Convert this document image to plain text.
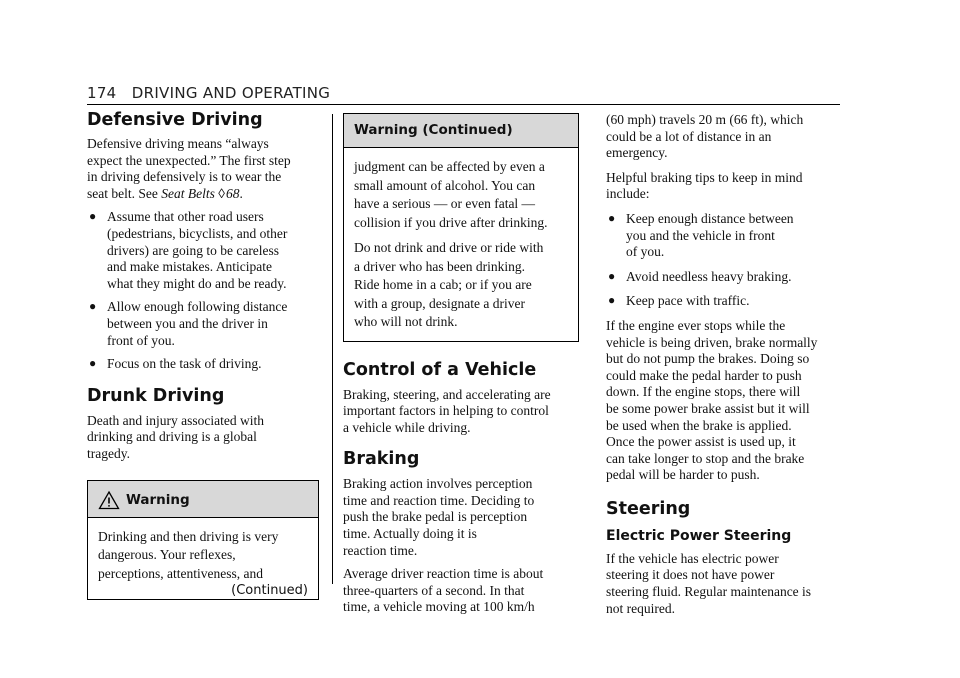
174 DRIVING AND OPERATING
Defensive Driving

Defensive driving means “always
expect the unexpected.” The first step
in driving defensively is to wear the
seat belt. See Seat Belts ◊ 68.

● Assume that other road users
(pedestrians, bicyclists, and other
drivers) are going to be careless
and make mistakes. Anticipate
what they might do and be ready.
● Allow enough following distance
between you and the driver in
front of you.
● Focus on the task of driving.
Drunk Driving

Death and injury associated with
drinking and driving is a global
tragedy.

Warning

Drinking and then driving is very
dangerous. Your reflexes,
perceptions, attentiveness, and

(Continued)
Warning (Continued)

judgment can be affected by even a
small amount of alcohol. You can
have a serious — or even fatal —
collision if you drive after drinking.

Do not drink and drive or ride with
a driver who has been drinking.
Ride home in a cab; or if you are
with a group, designate a driver
who will not drink.

Control of a Vehicle

Braking, steering, and accelerating are
important factors in helping to control
a vehicle while driving.

Braking

Braking action involves perception
time and reaction time. Deciding to
push the brake pedal is perception
time. Actually doing it is
reaction time.

Average driver reaction time is about
three-quarters of a second. In that
time, a vehicle moving at 100 km/h

(60 mph) travels 20 m (66 ft), which
could be a lot of distance in an
emergency.

Helpful braking tips to keep in mind
include:

● Keep enough distance between
you and the vehicle in front
of you.
● Avoid needless heavy braking.
● Keep pace with traffic.

If the engine ever stops while the
vehicle is being driven, brake normally
but do not pump the brakes. Doing so
could make the pedal harder to push
down. If the engine stops, there will
be some power brake assist but it will
be used when the brake is applied.
Once the power assist is used up, it
can take longer to stop and the brake
pedal will be harder to push.

Steering
Electric Power Steering

If the vehicle has electric power
steering it does not have power
steering fluid. Regular maintenance is
not required.
